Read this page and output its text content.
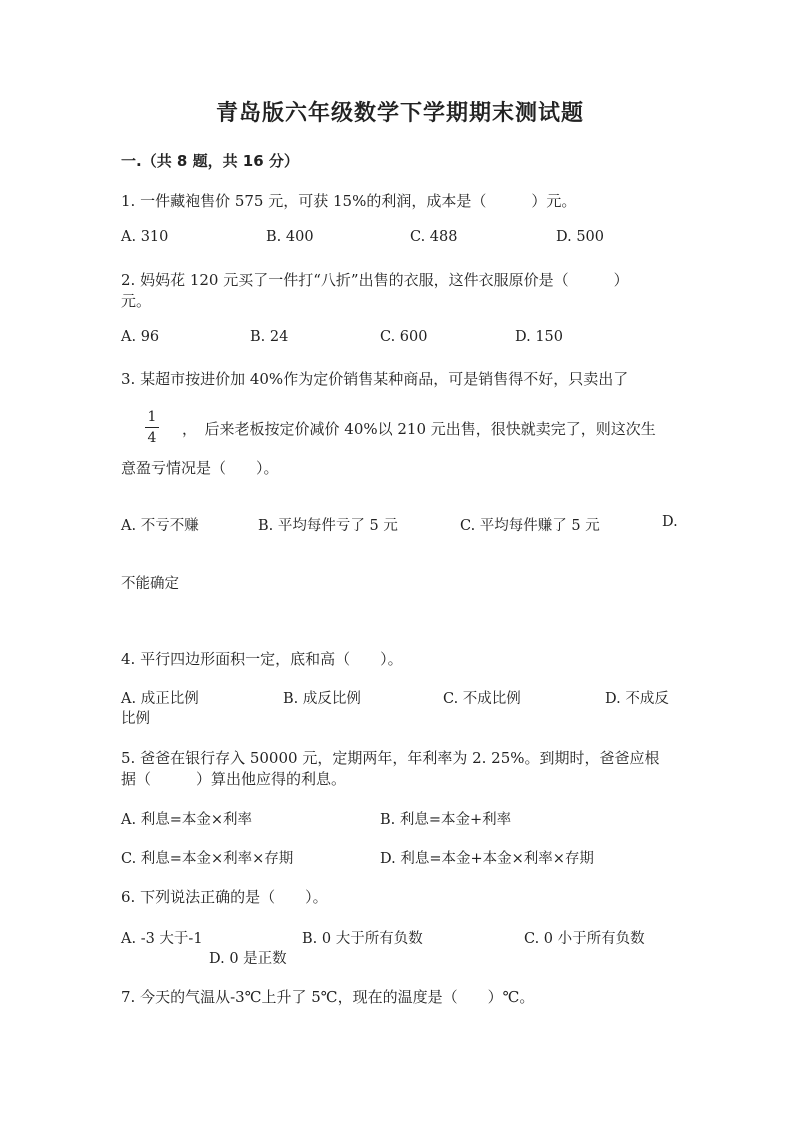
青岛版六年级数学下学期期末测试题
一.（共 8 题，共 16 分）
1. 一件藏袍售价 575 元，可获 15%的利润，成本是（　　　）元。
A. 310	B. 400	C. 488	D. 500
2. 妈妈花 120 元买了一件打“八折”出售的衣服，这件衣服原价是（　　　）
元。
A. 96	B. 24	C. 600	D. 150
3. 某超市按进价加 40%作为定价销售某种商品，可是销售得不好，只卖出了
1
4 ，　后来老板按定价减价 40%以 210 元出售，很快就卖完了，则这次生
意盈亏情况是（　　）。
A. 不亏不赚	B. 平均每件亏了 5 元	C. 平均每件赚了 5 元	D.
不能确定
4. 平行四边形面积一定，底和高（　　）。
A. 成正比例	B. 成反比例	C. 不成比例	D. 不成反
比例
5. 爸爸在银行存入 50000 元，定期两年，年利率为 2. 25%。到期时，爸爸应根
据（　　　）算出他应得的利息。
A. 利息=本金×利率	B. 利息=本金+利率
C. 利息=本金×利率×存期	D. 利息=本金+本金×利率×存期
6. 下列说法正确的是（　　）。
A. -3 大于-1	B. 0 大于所有负数	C. 0 小于所有负数
D. 0 是正数
7. 今天的气温从-3℃上升了 5℃，现在的温度是（　　）℃。
